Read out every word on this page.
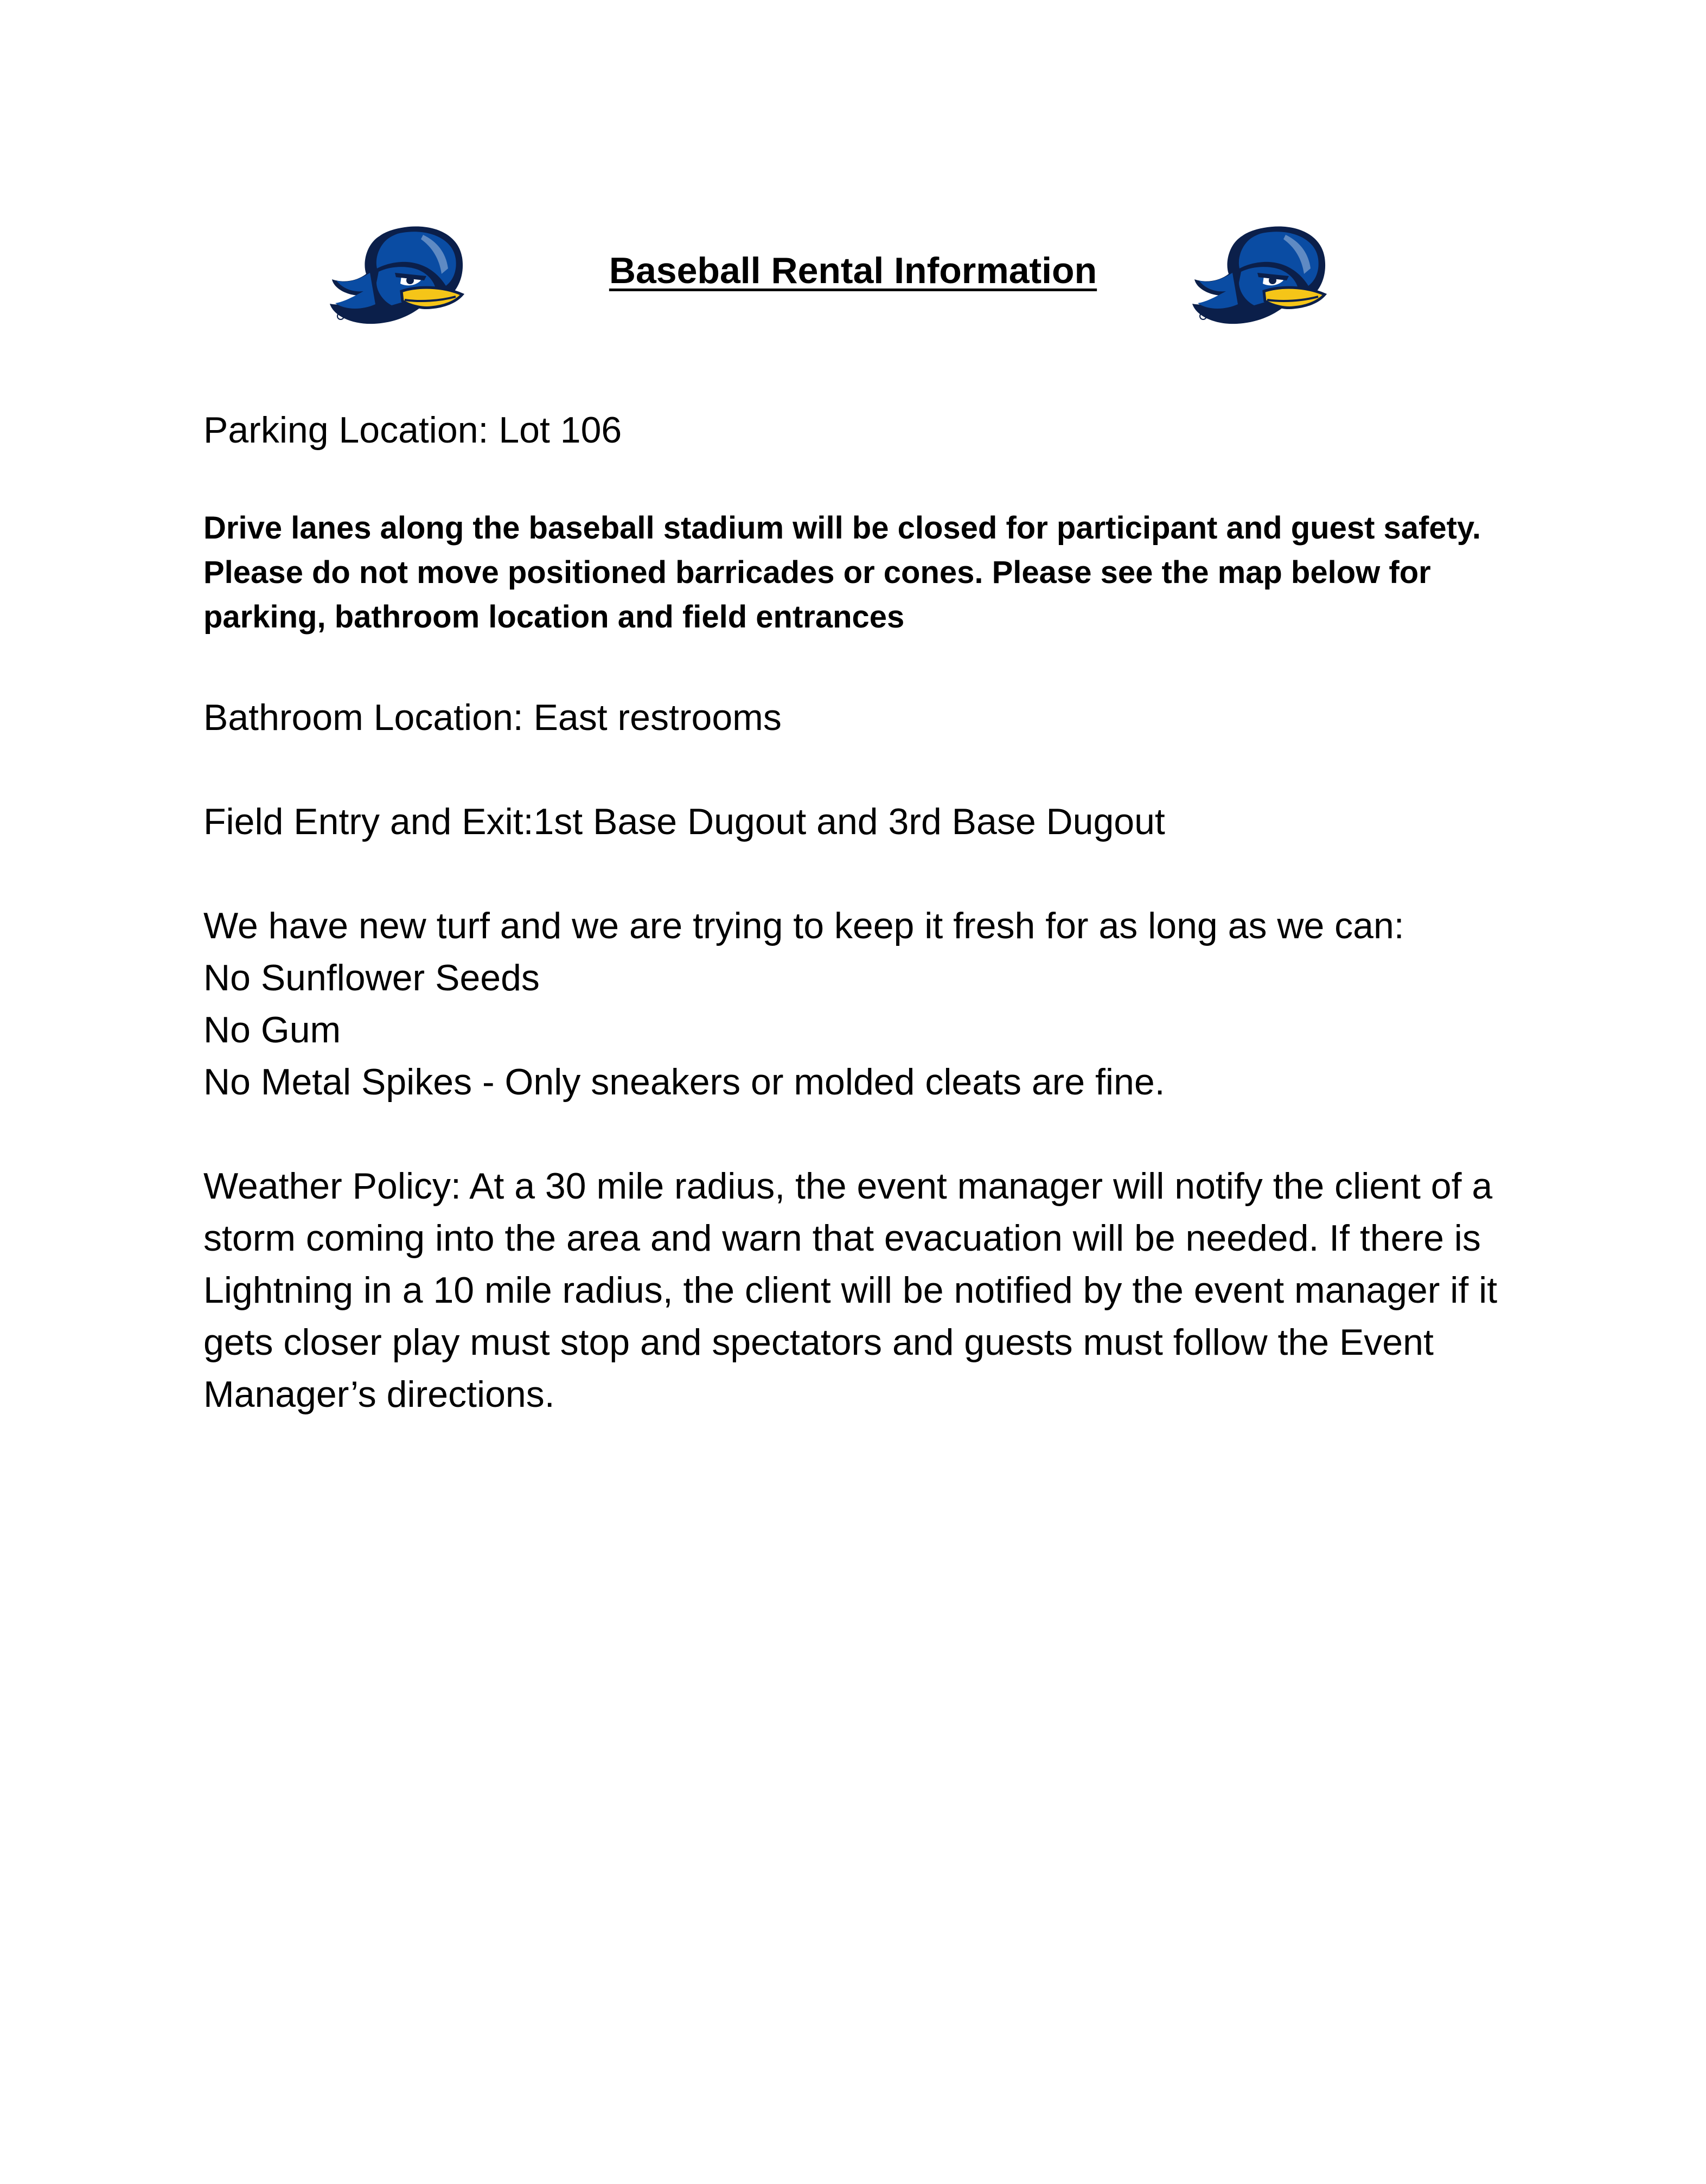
Baseball Rental Information

Parking Location: Lot 106

Drive lanes along the baseball stadium will be closed for participant and guest safety. Please do not move positioned barricades or cones. Please see the map below for parking, bathroom location and field entrances

Bathroom Location: East restrooms

Field Entry and Exit:1st Base Dugout and 3rd Base Dugout

We have new turf and we are trying to keep it fresh for as long as we can:

No Sunflower Seeds

No Gum

No Metal Spikes - Only sneakers or molded cleats are fine.

Weather Policy: At a 30 mile radius, the event manager will notify the client of a storm coming into the area and warn that evacuation will be needed. If there is Lightning in a 10 mile radius, the client will be notified by the event manager if it gets closer play must stop and spectators and guests must follow the Event Manager’s directions.
